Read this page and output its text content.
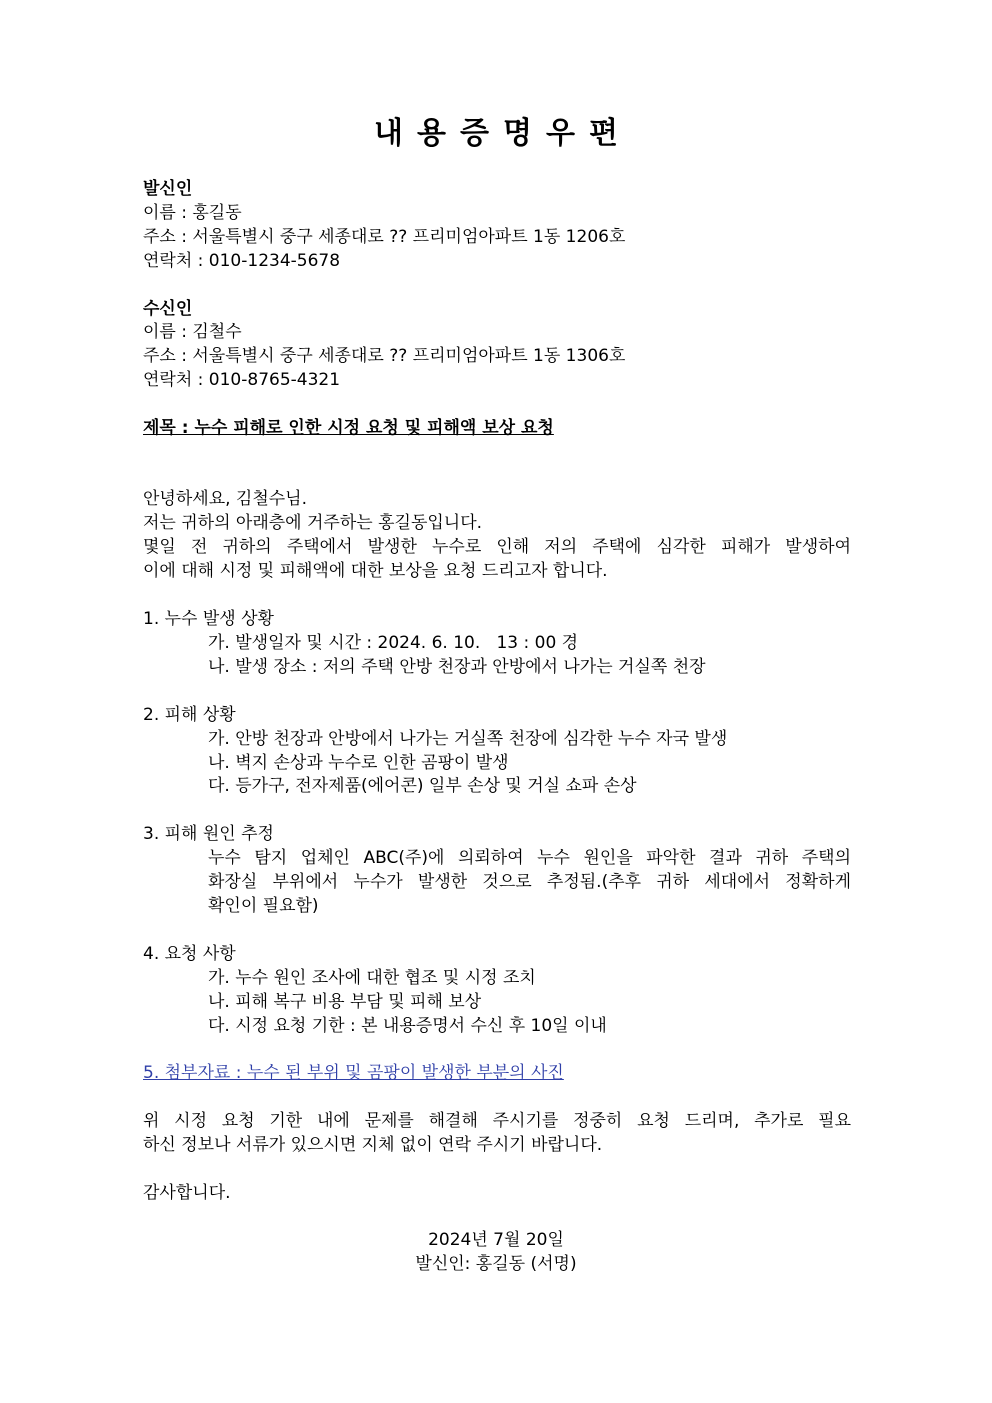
내용증명우편
발신인
이름 : 홍길동
주소 : 서울특별시 중구 세종대로 ?? 프리미엄아파트 1동 1206호
연락처 : 010-1234-5678
수신인
이름 : 김철수
주소 : 서울특별시 중구 세종대로 ?? 프리미엄아파트 1동 1306호
연락처 : 010-8765-4321
제목 : 누수 피해로 인한 시정 요청 및 피해액 보상 요청
안녕하세요, 김철수님.
저는 귀하의 아래층에 거주하는 홍길동입니다.
몇일 전 귀하의 주택에서 발생한 누수로 인해 저의 주택에 심각한 피해가 발생하여
이에 대해 시정 및 피해액에 대한 보상을 요청 드리고자 합니다.
1. 누수 발생 상황
가. 발생일자 및 시간 : 2024. 6. 10.   13 : 00 경
나. 발생 장소 : 저의 주택 안방 천장과 안방에서 나가는 거실쪽 천장
2. 피해 상황
가. 안방 천장과 안방에서 나가는 거실쪽 천장에 심각한 누수 자국 발생
나. 벽지 손상과 누수로 인한 곰팡이 발생
다. 등가구, 전자제품(에어콘) 일부 손상 및 거실 쇼파 손상
3. 피해 원인 추정
누수 탐지 업체인 ABC(주)에 의뢰하여 누수 원인을 파악한 결과 귀하 주택의
화장실 부위에서 누수가 발생한 것으로 추정됨.(추후 귀하 세대에서 정확하게
확인이 필요함)
4. 요청 사항
가. 누수 원인 조사에 대한 협조 및 시정 조치
나. 피해 복구 비용 부담 및 피해 보상
다. 시정 요청 기한 : 본 내용증명서 수신 후 10일 이내
5. 첨부자료 : 누수 된 부위 및 곰팡이 발생한 부분의 사진
위 시정 요청 기한 내에 문제를 해결해 주시기를 정중히 요청 드리며, 추가로 필요
하신 정보나 서류가 있으시면 지체 없이 연락 주시기 바랍니다.
감사합니다.
2024년 7월 20일
발신인: 홍길동 (서명)
